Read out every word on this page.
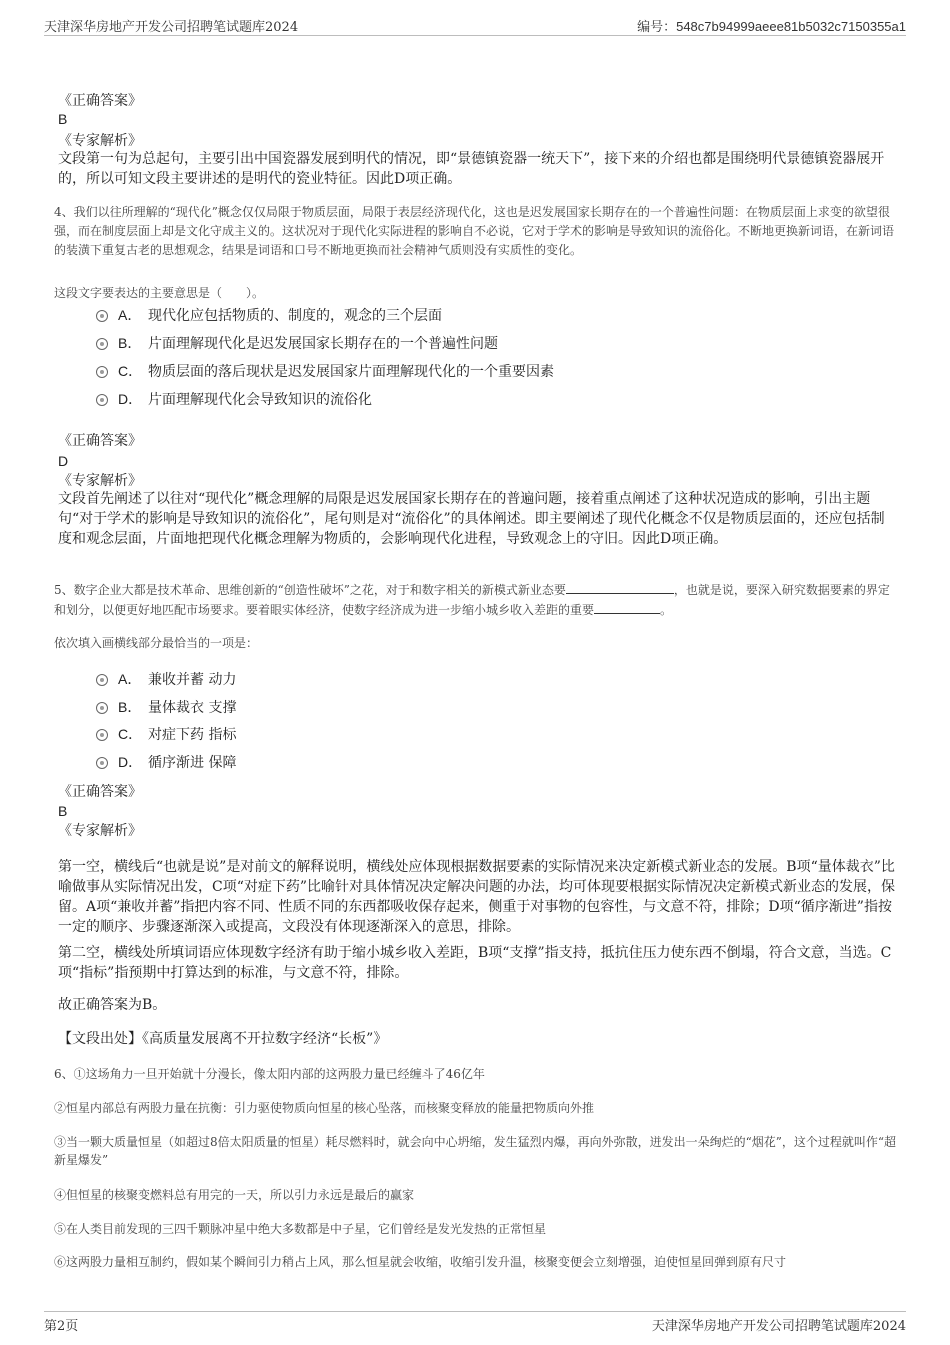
天津深华房地产开发公司招聘笔试题库2024	编号：548c7b94999aeee81b5032c7150355a1
《正确答案》
B
《专家解析》
文段第一句为总起句，主要引出中国瓷器发展到明代的情况，即“景德镇瓷器一统天下”，接下来的介绍也都是围绕明代景德镇瓷器展开的，所以可知文段主要讲述的是明代的瓷业特征。因此D项正确。
4、我们以往所理解的“现代化”概念仅仅局限于物质层面，局限于表层经济现代化，这也是迟发展国家长期存在的一个普遍性问题：在物质层面上求变的欲望很强，而在制度层面上却是文化守成主义的。这状况对于现代化实际进程的影响自不必说，它对于学术的影响是导致知识的流俗化。不断地更换新词语，在新词语的装潢下重复古老的思想观念，结果是词语和口号不断地更换而社会精神气质则没有实质性的变化。
这段文字要表达的主要意思是（　　）。
A． 现代化应包括物质的、制度的，观念的三个层面
B． 片面理解现代化是迟发展国家长期存在的一个普遍性问题
C． 物质层面的落后现状是迟发展国家片面理解现代化的一个重要因素
D． 片面理解现代化会导致知识的流俗化
《正确答案》
D
《专家解析》
文段首先阐述了以往对“现代化”概念理解的局限是迟发展国家长期存在的普遍问题，接着重点阐述了这种状况造成的影响，引出主题句“对于学术的影响是导致知识的流俗化”，尾句则是对“流俗化”的具体阐述。即主要阐述了现代化概念不仅是物质层面的，还应包括制度和观念层面，片面地把现代化概念理解为物质的，会影响现代化进程，导致观念上的守旧。因此D项正确。
5、数字企业大都是技术革命、思维创新的“创造性破坏”之花，对于和数字相关的新模式新业态要	，也就是说，要深入研究数据要素的界定和划分，以便更好地匹配市场要求。要着眼实体经济，使数字经济成为进一步缩小城乡收入差距的重要	。
依次填入画横线部分最恰当的一项是：
A． 兼收并蓄 动力
B． 量体裁衣 支撑
C． 对症下药 指标
D． 循序渐进 保障
《正确答案》
B
《专家解析》
第一空，横线后“也就是说”是对前文的解释说明，横线处应体现根据数据要素的实际情况来决定新模式新业态的发展。B项“量体裁衣”比喻做事从实际情况出发，C项“对症下药”比喻针对具体情况决定解决问题的办法，均可体现要根据实际情况决定新模式新业态的发展，保留。A项“兼收并蓄”指把内容不同、性质不同的东西都吸收保存起来，侧重于对事物的包容性，与文意不符，排除；D项“循序渐进”指按一定的顺序、步骤逐渐深入或提高，文段没有体现逐渐深入的意思，排除。
第二空，横线处所填词语应体现数字经济有助于缩小城乡收入差距，B项“支撑”指支持，抵抗住压力使东西不倒塌，符合文意，当选。C项“指标”指预期中打算达到的标准，与文意不符，排除。
故正确答案为B。
【文段出处】《高质量发展离不开拉数字经济“长板”》
6、①这场角力一旦开始就十分漫长，像太阳内部的这两股力量已经缠斗了46亿年
②恒星内部总有两股力量在抗衡：引力驱使物质向恒星的核心坠落，而核聚变释放的能量把物质向外推
③当一颗大质量恒星（如超过8倍太阳质量的恒星）耗尽燃料时，就会向中心坍缩，发生猛烈内爆，再向外弥散，迸发出一朵绚烂的“烟花”，这个过程就叫作“超新星爆发”
④但恒星的核聚变燃料总有用完的一天，所以引力永远是最后的赢家
⑤在人类目前发现的三四千颗脉冲星中绝大多数都是中子星，它们曾经是发光发热的正常恒星
⑥这两股力量相互制约，假如某个瞬间引力稍占上风，那么恒星就会收缩，收缩引发升温，核聚变便会立刻增强，迫使恒星回弹到原有尺寸
第2页	天津深华房地产开发公司招聘笔试题库2024
